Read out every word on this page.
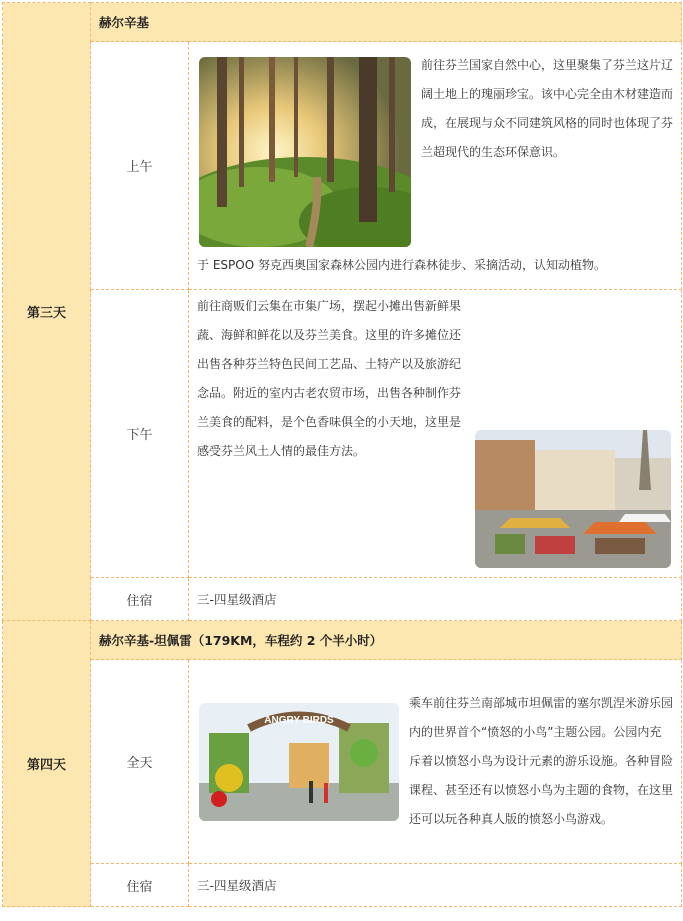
第三天	赫尔辛基	
	上午	前往芬兰国家自然中心，这里聚集了芬兰这片辽阔土地上的瑰丽珍宝。该中心完全由木材建造而成，在展现与众不同建筑风格的同时也体现了芬兰超现代的生态环保意识。
于 ESPOO 努克西奥国家森林公园内进行森林徒步、采摘活动，认知动植物。

	下午	前往商贩们云集在市集广场，摆起小摊出售新鲜果蔬、海鲜和鲜花以及芬兰美食。这里的许多摊位还出售各种芬兰特色民间工艺品、土特产以及旅游纪念品。附近的室内古老农贸市场，出售各种制作芬兰美食的配料，是个色香味俱全的小天地，这里是感受芬兰风土人情的最佳方法。
	住宿	三-四星级酒店
第四天	赫尔辛基-坦佩雷（179KM，车程约 2 个半小时）	
	全天	ANGRY BIRDS
乘车前往芬兰南部城市坦佩雷的塞尔凯涅米游乐园内的世界首个“愤怒的小鸟”主题公园。公园内充斥着以愤怒小鸟为设计元素的游乐设施。各种冒险课程、甚至还有以愤怒小鸟为主题的食物，在这里还可以玩各种真人版的愤怒小鸟游戏。
	住宿	三-四星级酒店
